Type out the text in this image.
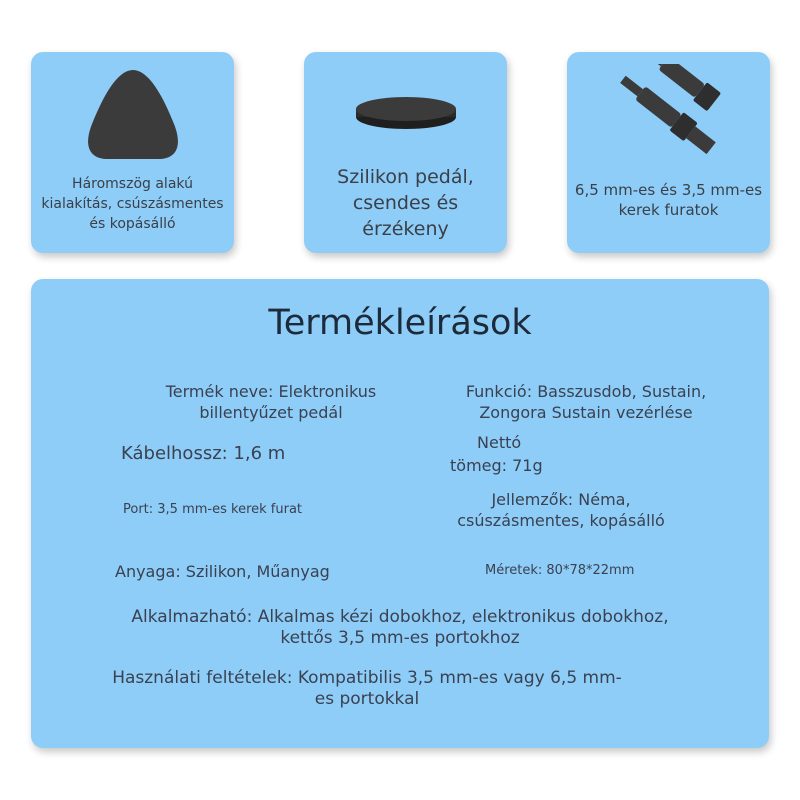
Háromszög alakú kialakítás, csúszásmentes és kopásálló
Szilikon pedál, csendes és érzékeny
6,5 mm-es és 3,5 mm-es kerek furatok
Termékleírások
Termék neve: Elektronikus billentyűzet pedál
Funkció: Basszusdob, Sustain, Zongora Sustain vezérlése
Kábelhossz: 1,6 m
Nettó
tömeg: 71g
Port: 3,5 mm-es kerek furat
Jellemzők: Néma, csúszásmentes, kopásálló
Anyaga: Szilikon, Műanyag	Méretek: 80*78*22mm
Alkalmazható: Alkalmas kézi dobokhoz, elektronikus dobokhoz, kettős 3,5 mm-es portokhoz
Használati feltételek: Kompatibilis 3,5 mm-es vagy 6,5 mm-es portokkal
